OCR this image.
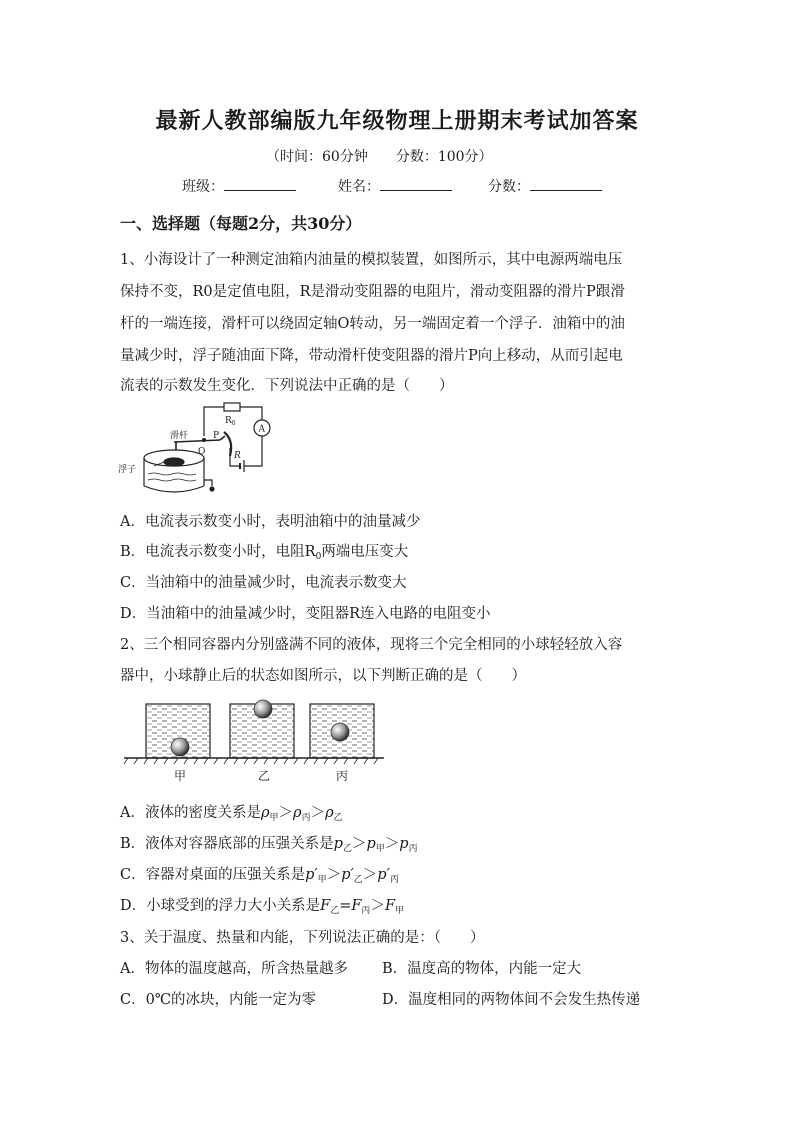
最新人教部编版九年级物理上册期末考试加答案
（时间：60分钟　　分数：100分）
班级：	姓名：	分数：
一、选择题（每题2分，共30分）
1、小海设计了一种测定油箱内油量的模拟装置，如图所示，其中电源两端电压
保持不变，R0是定值电阻，R是滑动变阻器的电阻片，滑动变阻器的滑片P跟滑
杆的一端连接，滑杆可以绕固定轴O转动，另一端固定着一个浮子．油箱中的油
量减少时，浮子随油面下降，带动滑杆使变阻器的滑片P向上移动，从而引起电
流表的示数发生变化．下列说法中正确的是（　　）
$R_0$
A
滑杆	P
O	R
浮子
A．电流表示数变小时，表明油箱中的油量减少
B．电流表示数变小时，电阻$R_0$两端电压变大
C．当油箱中的油量减少时，电流表示数变大
D．当油箱中的油量减少时，变阻器R连入电路的电阻变小
2、三个相同容器内分别盛满不同的液体，现将三个完全相同的小球轻轻放入容
器中，小球静止后的状态如图所示，以下判断正确的是（　　）
甲	乙	丙
A．液体的密度关系是$\rho_甲>\rho_丙>\rho_乙$
B．液体对容器底部的压强关系是$p_乙>p_甲>p_丙$
C．容器对桌面的压强关系是$p'_甲>p'_乙>p'_丙$
D．小球受到的浮力大小关系是$F_乙=F_丙>F_甲$
3、关于温度、热量和内能，下列说法正确的是：（　　）
A．物体的温度越高，所含热量越多 B．温度高的物体，内能一定大
C．0℃的冰块，内能一定为零	D．温度相同的两物体间不会发生热传递
